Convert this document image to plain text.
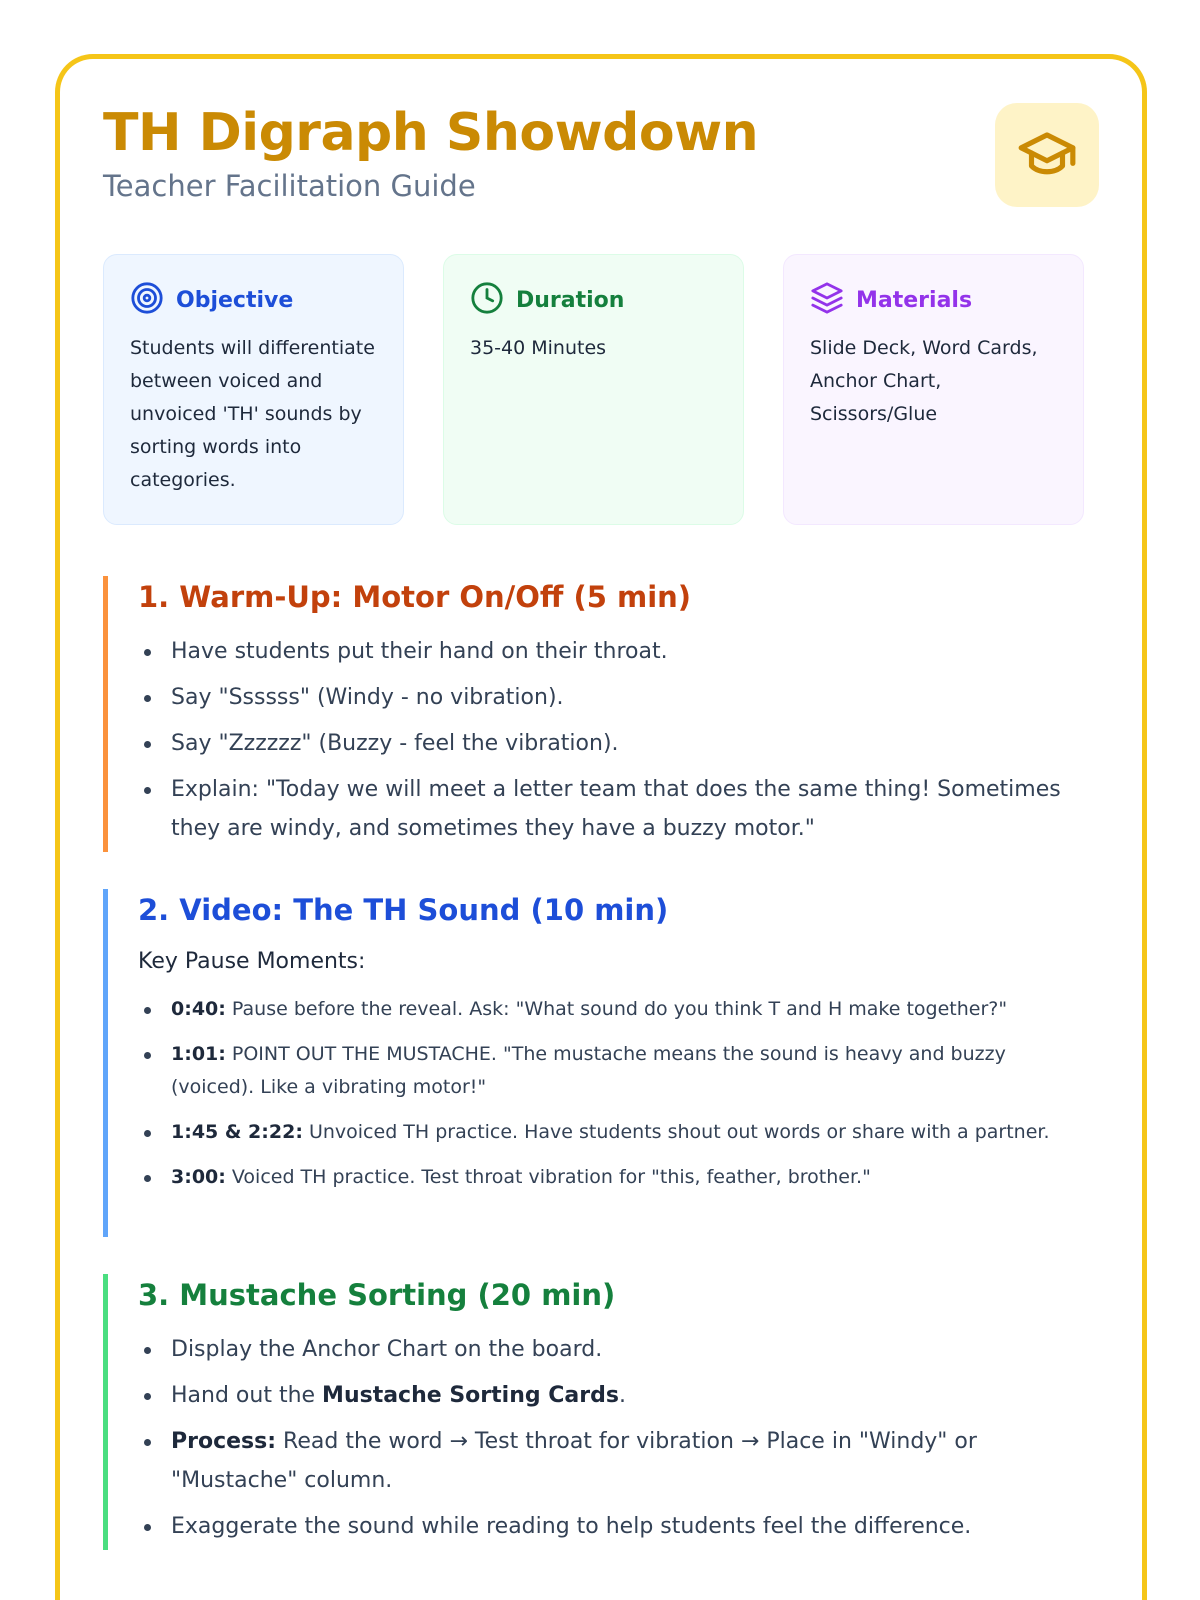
TH Digraph Showdown
Teacher Facilitation Guide
Objective
Students will differentiate between voiced and unvoiced 'TH' sounds by sorting words into categories.
Duration
35-40 Minutes
Materials
Slide Deck, Word Cards, Anchor Chart, Scissors/Glue
1. Warm-Up: Motor On/Off (5 min)
Have students put their hand on their throat.
Say "Ssssss" (Windy - no vibration).
Say "Zzzzzz" (Buzzy - feel the vibration).
Explain: "Today we will meet a letter team that does the same thing! Sometimes they are windy, and sometimes they have a buzzy motor."
2. Video: The TH Sound (10 min)
Key Pause Moments:
0:40: Pause before the reveal. Ask: "What sound do you think T and H make together?"
1:01: POINT OUT THE MUSTACHE. "The mustache means the sound is heavy and buzzy (voiced). Like a vibrating motor!"
1:45 & 2:22: Unvoiced TH practice. Have students shout out words or share with a partner.
3:00: Voiced TH practice. Test throat vibration for "this, feather, brother."
3. Mustache Sorting (20 min)
Display the Anchor Chart on the board.
Hand out the Mustache Sorting Cards.
Process: Read the word → Test throat for vibration → Place in "Windy" or "Mustache" column.
Exaggerate the sound while reading to help students feel the difference.
